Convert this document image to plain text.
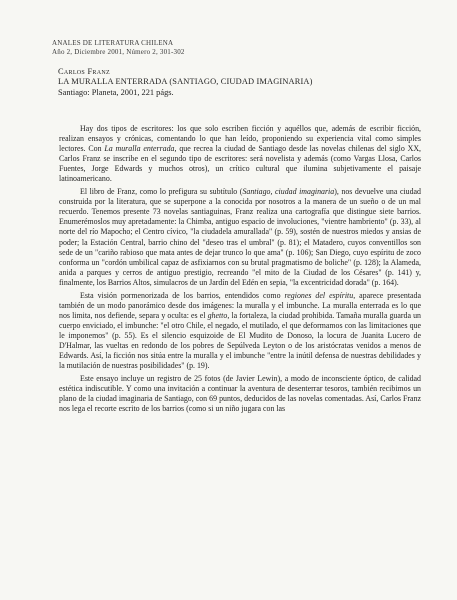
ANALES DE LITERATURA CHILENA
Año 2, Diciembre 2001, Número 2, 301-302
Carlos Franz
LA MURALLA ENTERRADA (SANTIAGO, CIUDAD IMAGINARIA)
Santiago: Planeta, 2001, 221 págs.

Hay dos tipos de escritores: los que solo escriben ficción y aquéllos que, además de escribir ficción, realizan ensayos y crónicas, comentando lo que han leído, proponiendo su experiencia vital como simples lectores. Con La muralla enterrada, que recrea la ciudad de Santiago desde las novelas chilenas del siglo XX, Carlos Franz se inscribe en el segundo tipo de escritores: será novelista y además (como Vargas Llosa, Carlos Fuentes, Jorge Edwards y muchos otros), un crítico cultural que ilumina subjetivamente el paisaje latinoamericano.

El libro de Franz, como lo prefigura su subtítulo (Santiago, ciudad imaginaria), nos devuelve una ciudad construida por la literatura, que se superpone a la conocida por nosotros a la manera de un sueño o de un mal recuerdo. Tenemos presente 73 novelas santiaguinas, Franz realiza una cartografía que distingue siete barrios. Enumerémoslos muy apretadamente: la Chimba, antiguo espacio de involuciones, "vientre hambriento" (p. 33), al norte del río Mapocho; el Centro cívico, "la ciudadela amurallada" (p. 59), sostén de nuestros miedos y ansias de poder; la Estación Central, barrio chino del "deseo tras el umbral" (p. 81); el Matadero, cuyos conventillos son sede de un "cariño rabioso que mata antes de dejar trunco lo que ama" (p. 106); San Diego, cuyo espíritu de zoco conforma un "cordón umbilical capaz de asfixiarnos con su brutal pragmatismo de boliche" (p. 128); la Alameda, anida a parques y cerros de antiguo prestigio, recreando "el mito de la Ciudad de los Césares" (p. 141) y, finalmente, los Barrios Altos, simulacros de un Jardín del Edén en sepia, "la excentricidad dorada" (p. 164).

Esta visión pormenorizada de los barrios, entendidos como regiones del espíritu, aparece presentada también de un modo panorámico desde dos imágenes: la muralla y el imbunche. La muralla enterrada es lo que nos limita, nos defiende, separa y oculta: es el ghetto, la fortaleza, la ciudad prohibida. Tamaña muralla guarda un cuerpo enviciado, el imbunche: "el otro Chile, el negado, el mutilado, el que deformamos con las limitaciones que le imponemos" (p. 55). Es el silencio esquizoide de El Mudito de Donoso, la locura de Juanita Lucero de D'Halmar, las vueltas en redondo de los pobres de Sepúlveda Leyton o de los aristócratas venidos a menos de Edwards. Así, la ficción nos sitúa entre la muralla y el imbunche "entre la inútil defensa de nuestras debilidades y la mutilación de nuestras posibilidades" (p. 19).

Este ensayo incluye un registro de 25 fotos (de Javier Lewin), a modo de inconsciente óptico, de calidad estética indiscutible. Y como una invitación a continuar la aventura de desenterrar tesoros, también recibimos un plano de la ciudad imaginaria de Santiago, con 69 puntos, deducidos de las novelas comentadas. Así, Carlos Franz nos lega el recorte escrito de los barrios (como si un niño jugara con las
